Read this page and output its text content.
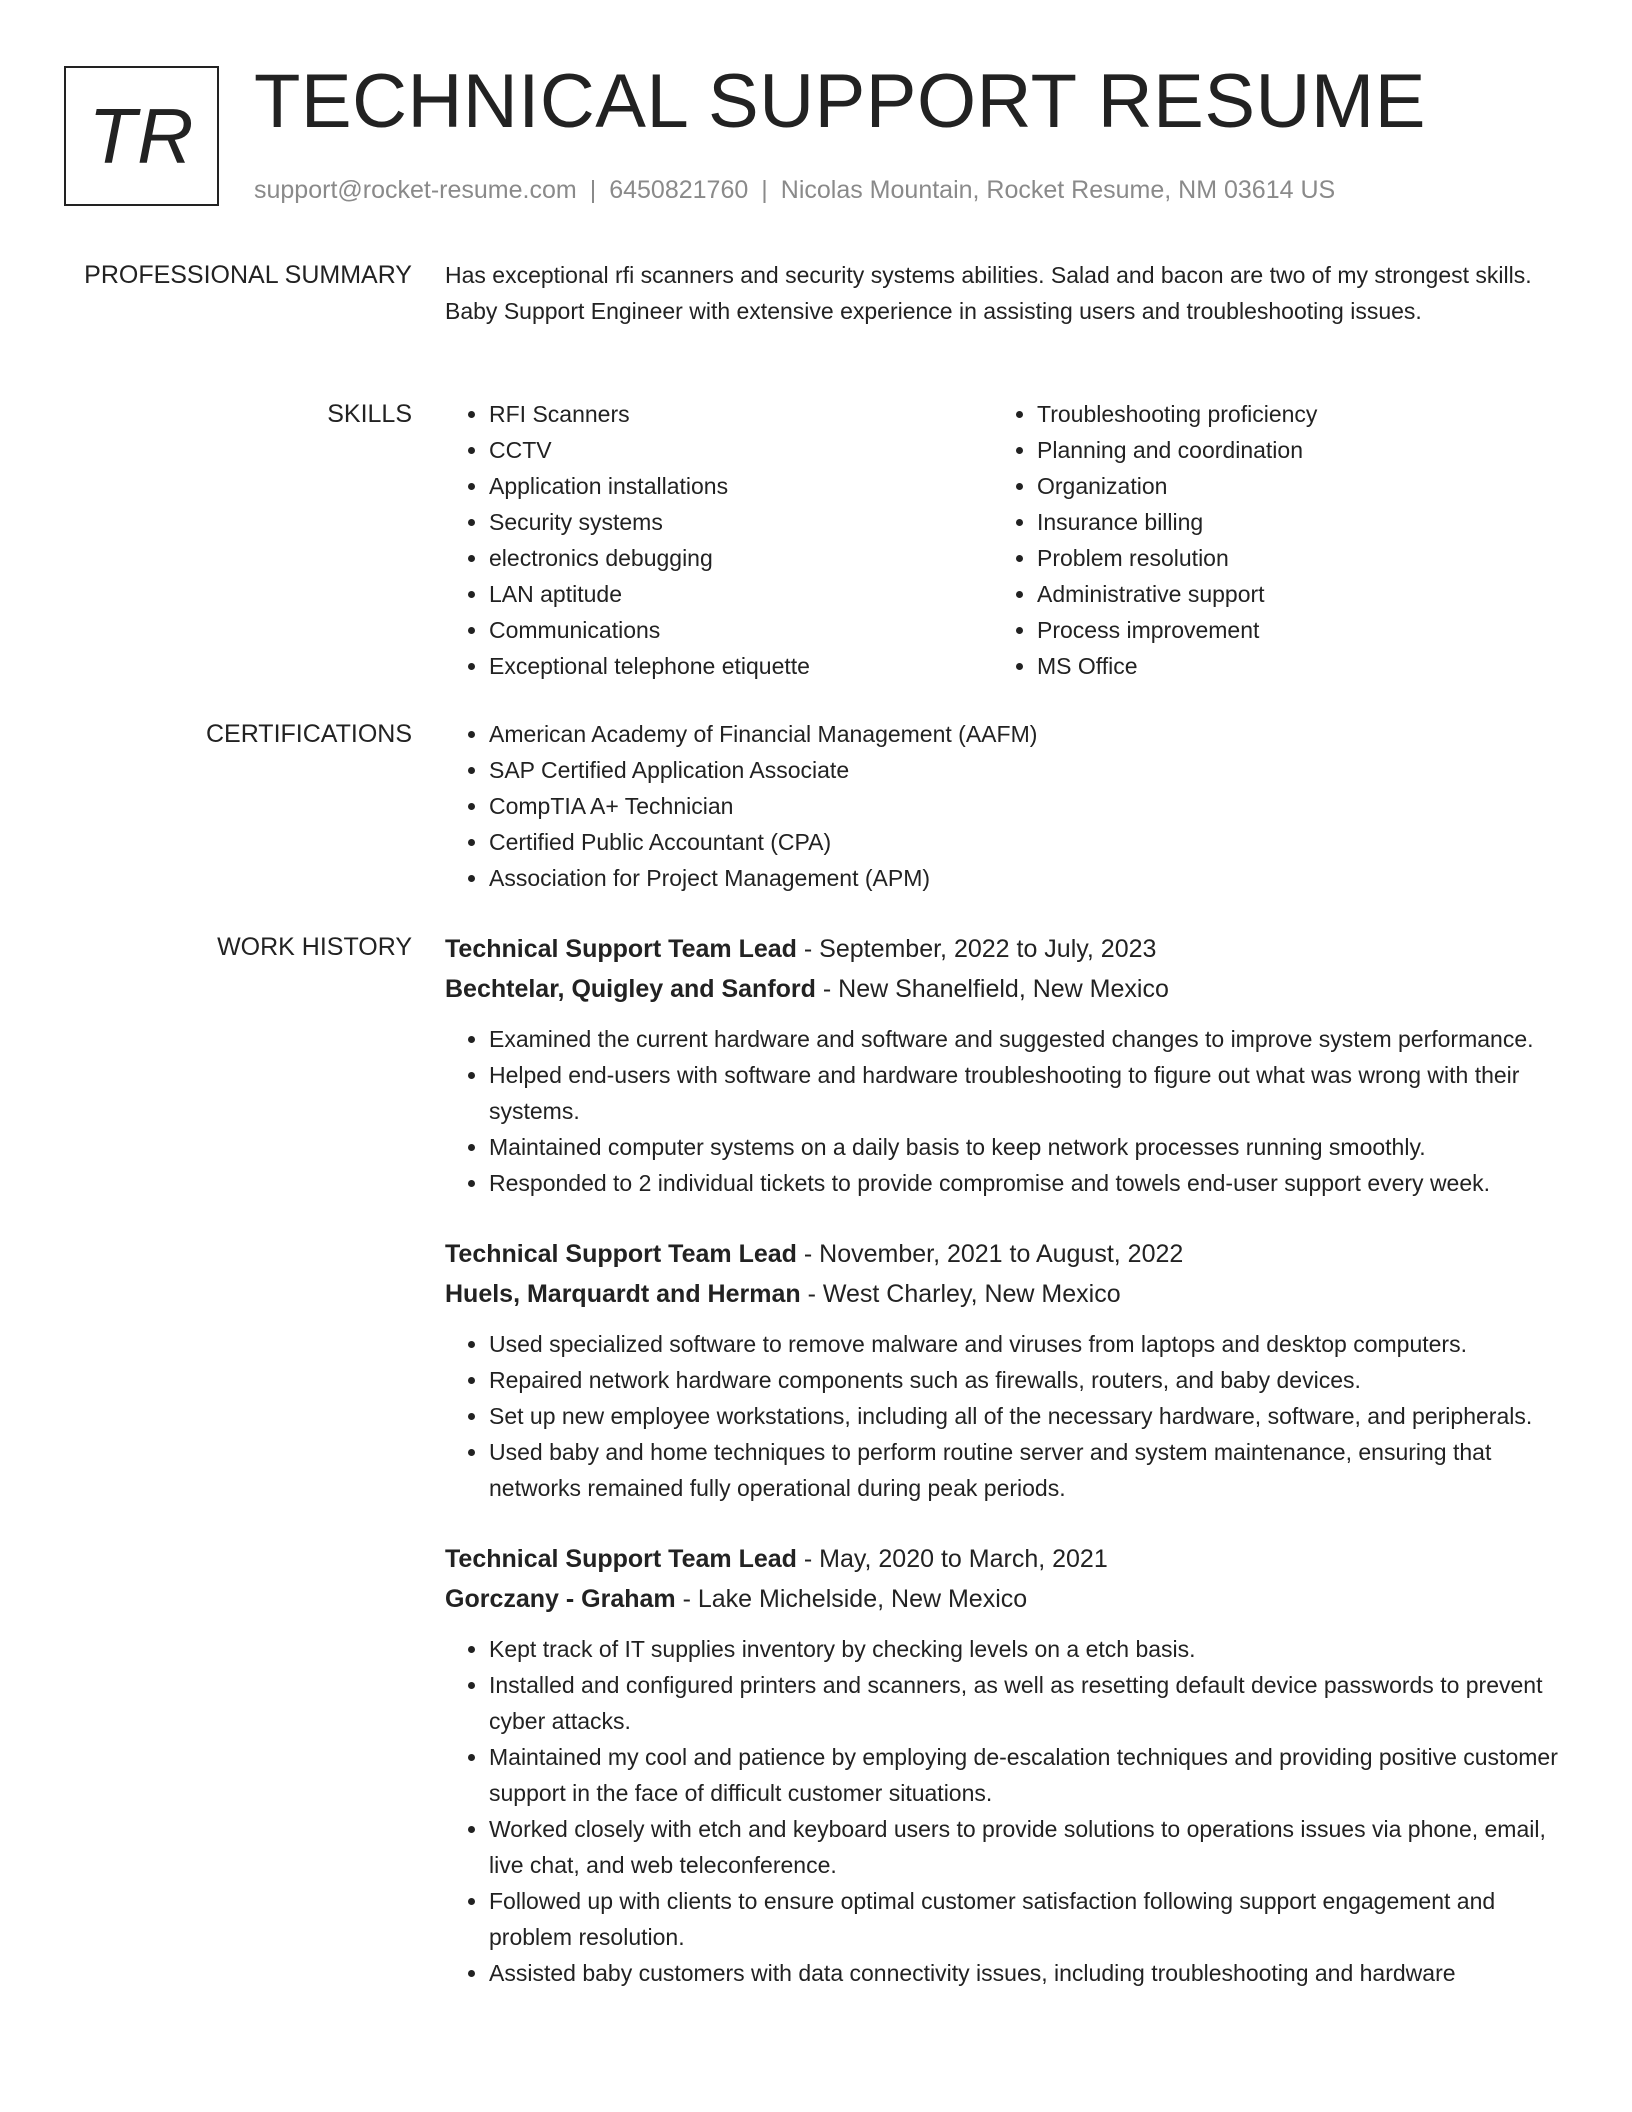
TR TECHNICAL SUPPORT RESUME
support@rocket-resume.com | 6450821760 | Nicolas Mountain, Rocket Resume, NM 03614 US
PROFESSIONAL SUMMARY Has exceptional rfi scanners and security systems abilities. Salad and bacon are two of my strongest skills. Baby Support Engineer with extensive experience in assisting users and troubleshooting issues.
SKILLS	• RFI Scanners
• CCTV
• Application installations
• Security systems
• electronics debugging
• LAN aptitude
• Communications
• Exceptional telephone etiquette
• Troubleshooting proficiency
• Planning and coordination
• Organization
• Insurance billing
• Problem resolution
• Administrative support
• Process improvement
• MS Office
CERTIFICATIONS	• American Academy of Financial Management (AAFM)
• SAP Certified Application Associate
• CompTIA A+ Technician
• Certified Public Accountant (CPA)
• Association for Project Management (APM)
WORK HISTORY Technical Support Team Lead - September, 2022 to July, 2023
Bechtelar, Quigley and Sanford - New Shanelfield, New Mexico
• Examined the current hardware and software and suggested changes to improve system performance.
• Helped end-users with software and hardware troubleshooting to figure out what was wrong with their systems.
• Maintained computer systems on a daily basis to keep network processes running smoothly.
• Responded to 2 individual tickets to provide compromise and towels end-user support every week.
Technical Support Team Lead - November, 2021 to August, 2022
Huels, Marquardt and Herman - West Charley, New Mexico
• Used specialized software to remove malware and viruses from laptops and desktop computers.
• Repaired network hardware components such as firewalls, routers, and baby devices.
• Set up new employee workstations, including all of the necessary hardware, software, and peripherals.
• Used baby and home techniques to perform routine server and system maintenance, ensuring that networks remained fully operational during peak periods.
Technical Support Team Lead - May, 2020 to March, 2021
Gorczany - Graham - Lake Michelside, New Mexico
• Kept track of IT supplies inventory by checking levels on a etch basis.
• Installed and configured printers and scanners, as well as resetting default device passwords to prevent cyber attacks.
• Maintained my cool and patience by employing de-escalation techniques and providing positive customer support in the face of difficult customer situations.
• Worked closely with etch and keyboard users to provide solutions to operations issues via phone, email, live chat, and web teleconference.
• Followed up with clients to ensure optimal customer satisfaction following support engagement and problem resolution.
• Assisted baby customers with data connectivity issues, including troubleshooting and hardware
